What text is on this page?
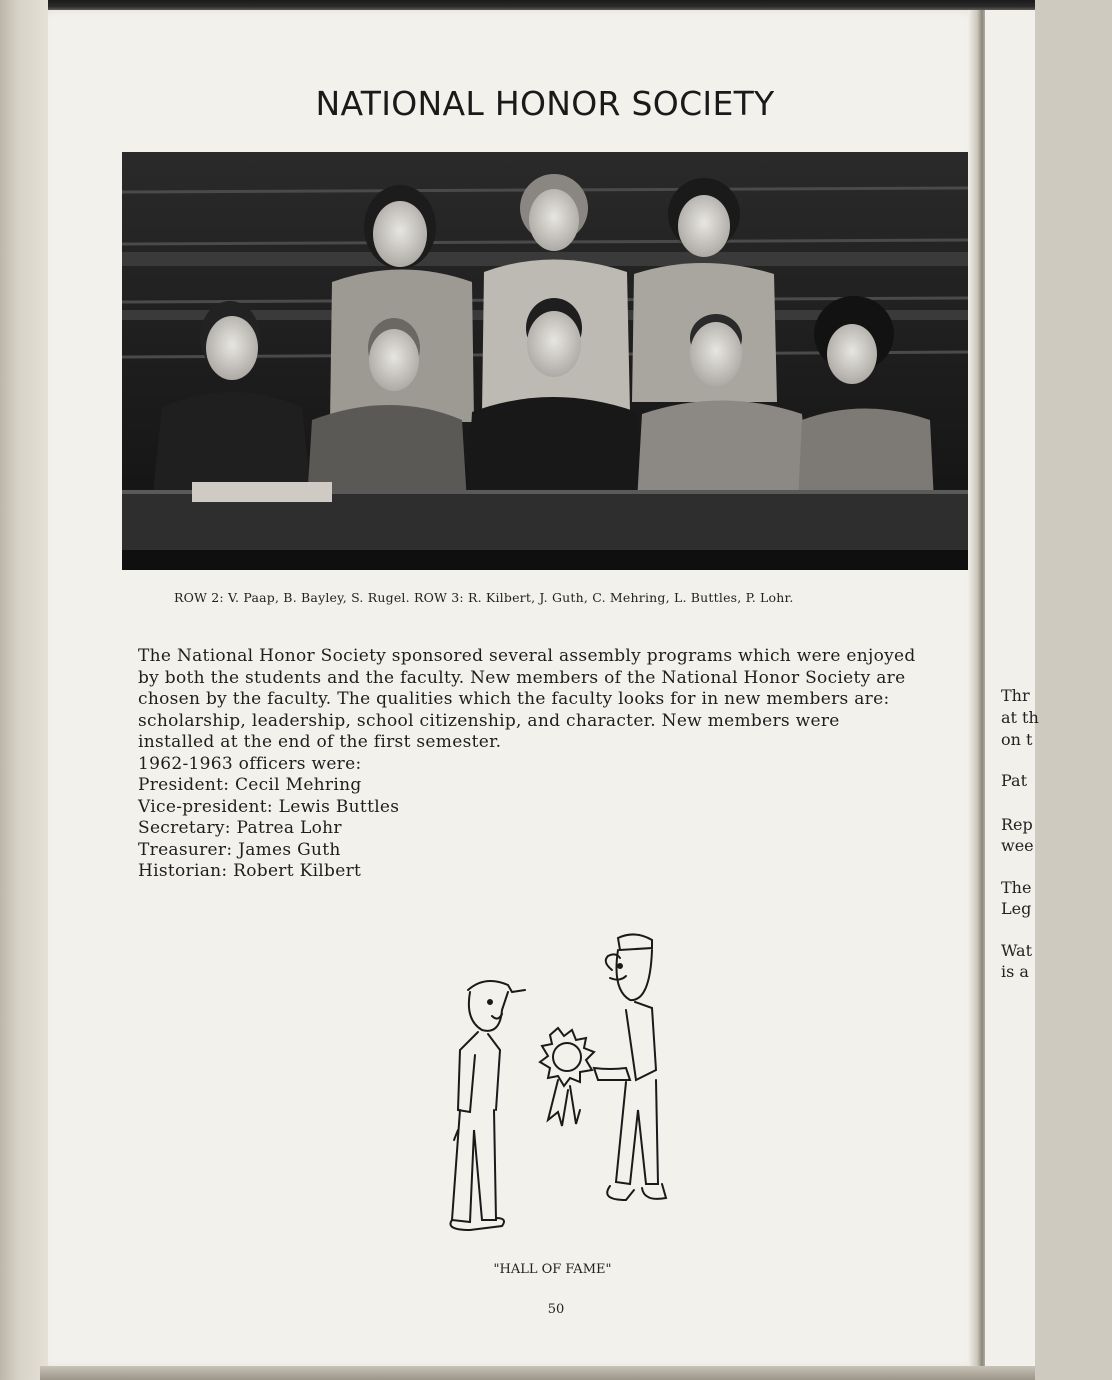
Thr
at th
on t
Pat
Rep
wee
The
Leg
Wat
is a
NATIONAL HONOR SOCIETY
ROW 2: V. Paap, B. Bayley, S. Rugel. ROW 3: R. Kilbert, J. Guth, C. Mehring, L. Buttles, P. Lohr.

The National Honor Society sponsored several assembly programs which were enjoyed

by both the students and the faculty. New members of the National Honor Society are

chosen by the faculty. The qualities which the faculty looks for in new members are:

scholarship, leadership, school citizenship, and character. New members were

installed at the end of the first semester.

1962-1963 officers were:

President: Cecil Mehring

Vice-president: Lewis Buttles

Secretary: Patrea Lohr

Treasurer: James Guth

Historian: Robert Kilbert

"HALL OF FAME"
50
